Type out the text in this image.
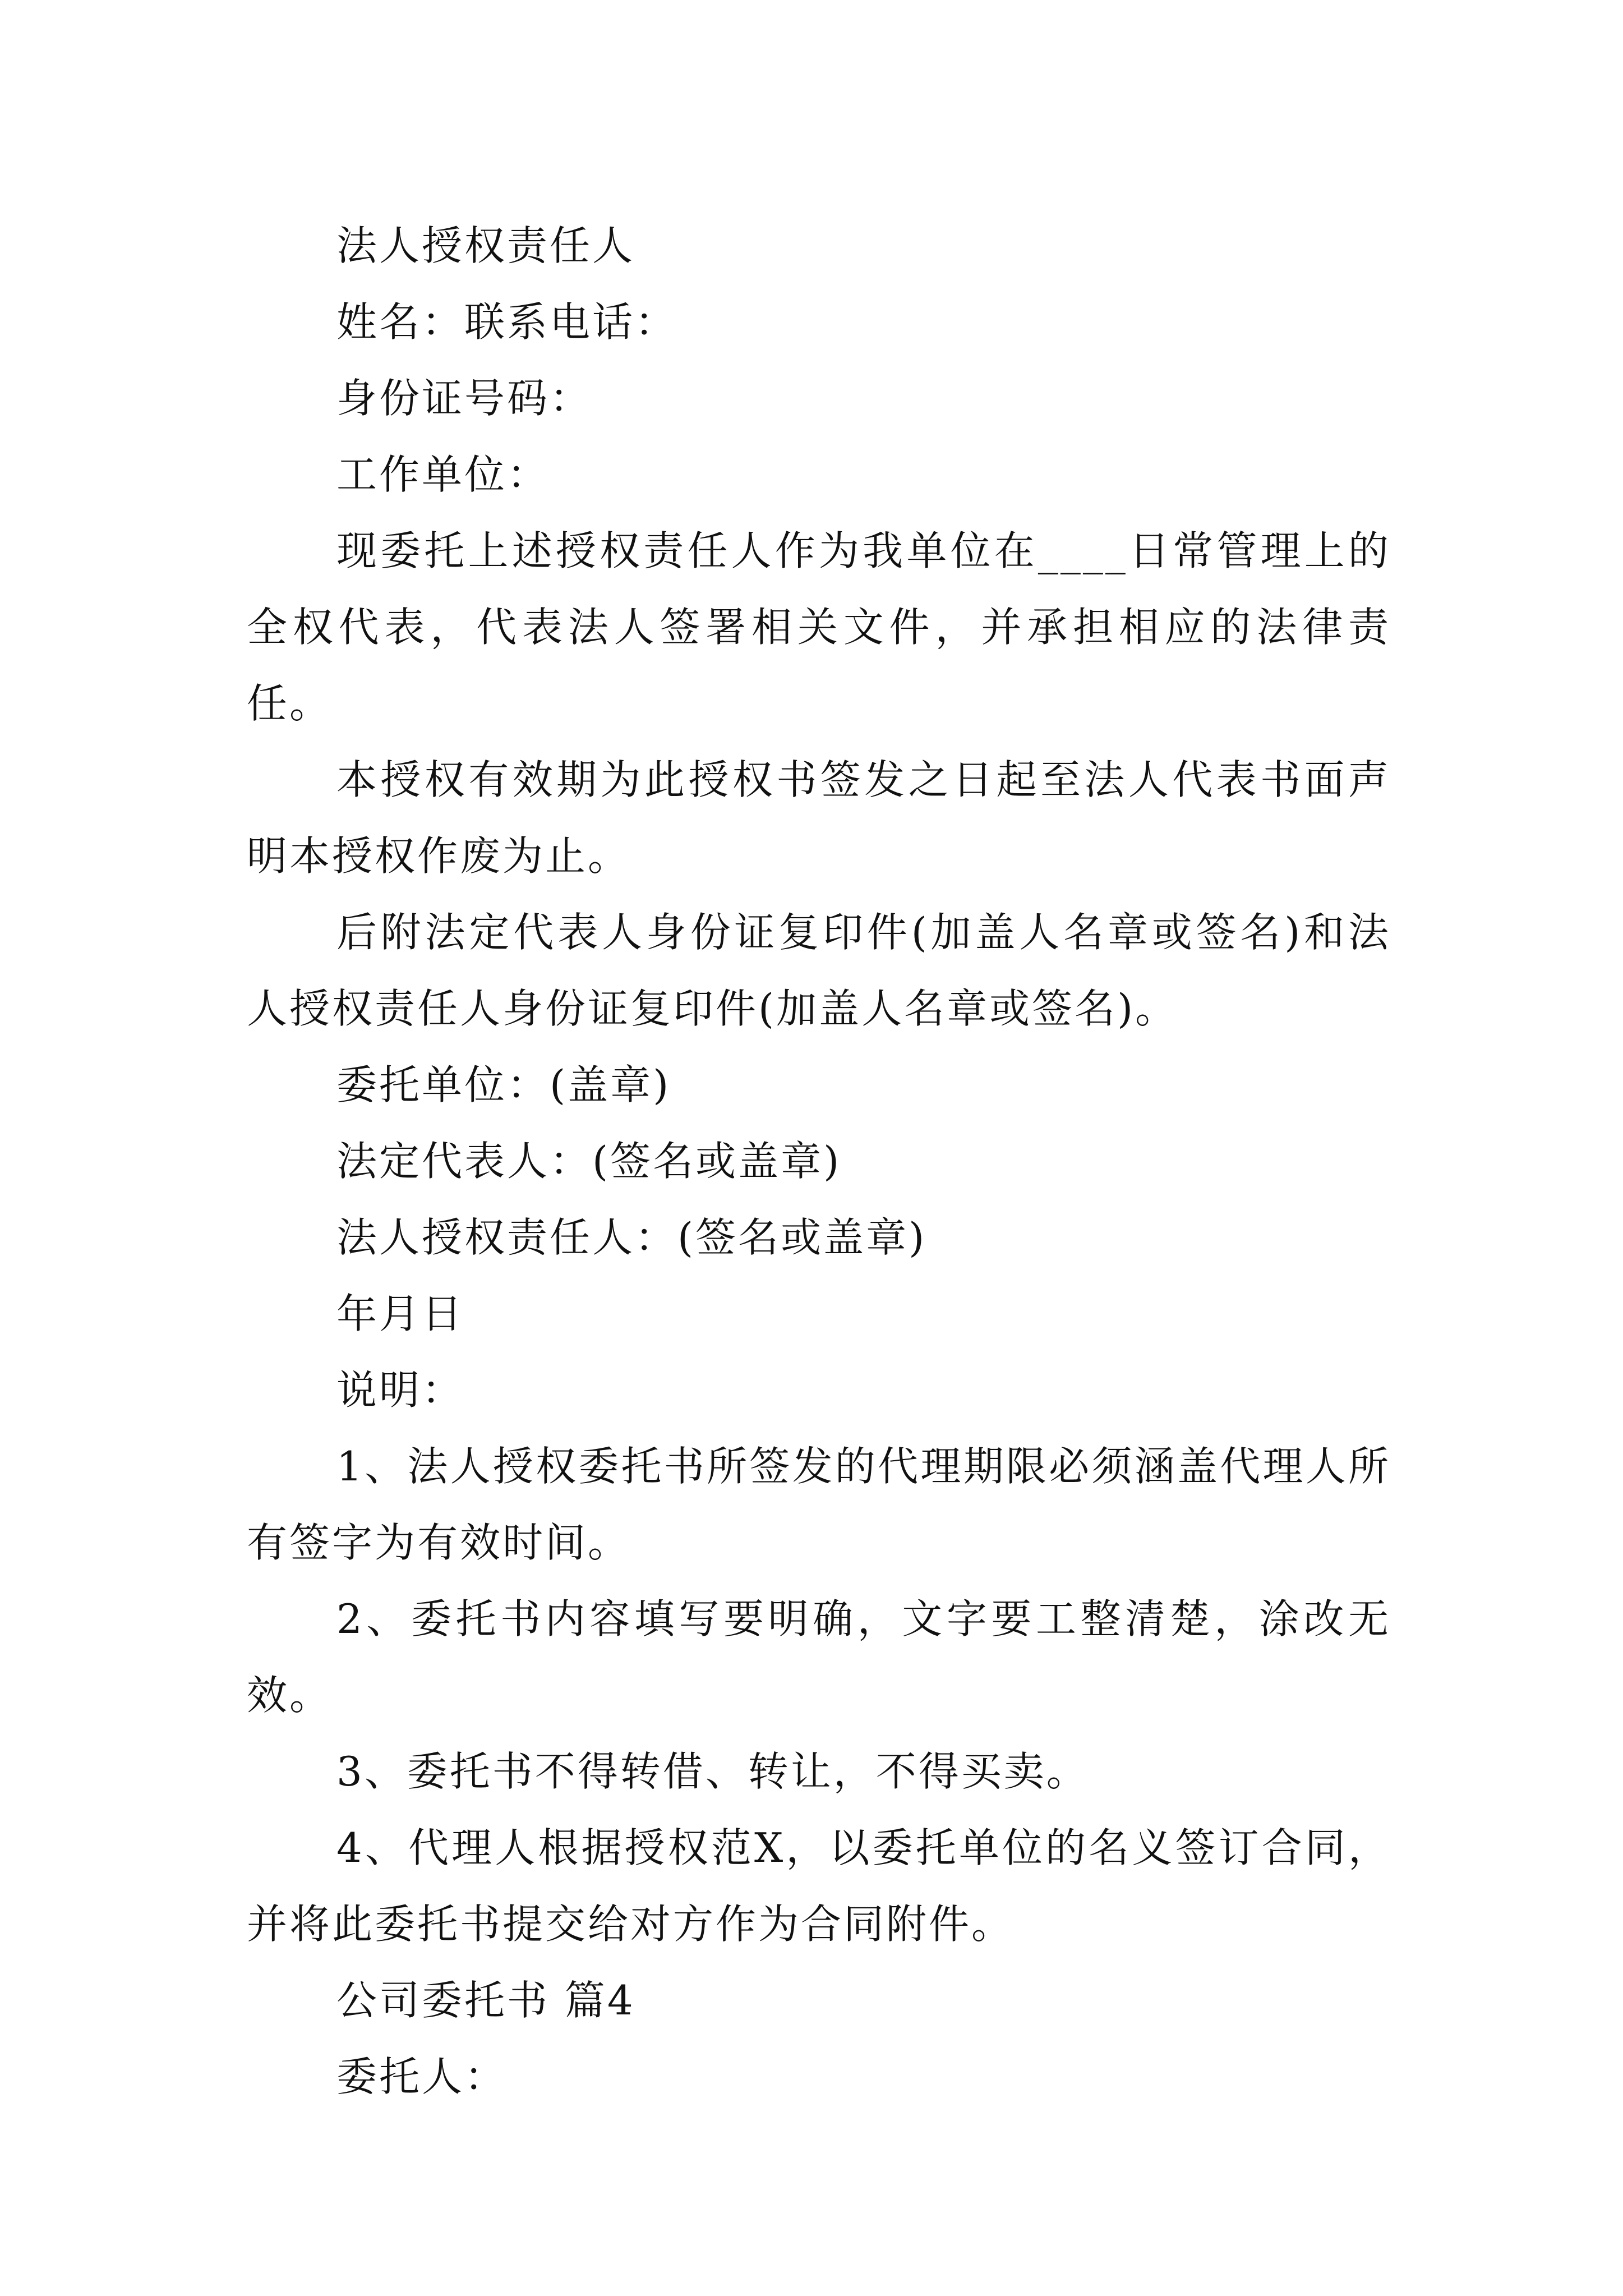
法人授权责任人

姓名：联系电话：

身份证号码：

工作单位：

现委托上述授权责任人作为我单位在____日常管理上的全权代表，代表法人签署相关文件，并承担相应的法律责任。

本授权有效期为此授权书签发之日起至法人代表书面声明本授权作废为止。

后附法定代表人身份证复印件(加盖人名章或签名)和法人授权责任人身份证复印件(加盖人名章或签名)。

委托单位：(盖章)

法定代表人：(签名或盖章)

法人授权责任人：(签名或盖章)

年月日

说明：

1、法人授权委托书所签发的代理期限必须涵盖代理人所有签字为有效时间。

2、委托书内容填写要明确，文字要工整清楚，涂改无效。

3、委托书不得转借、转让，不得买卖。

4、代理人根据授权范X，以委托单位的名义签订合同，并将此委托书提交给对方作为合同附件。

公司委托书 篇4

委托人：
